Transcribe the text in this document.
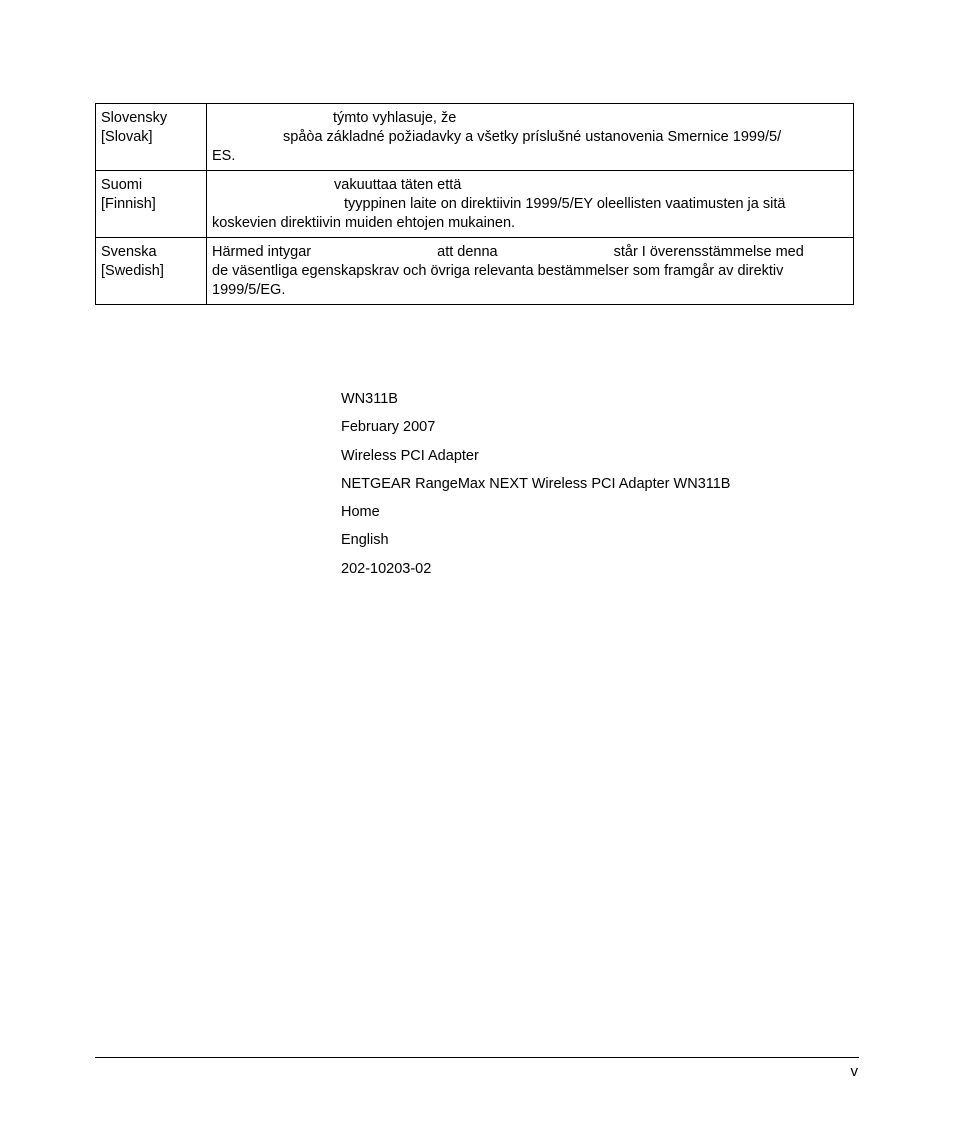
Slovensky
[Slovak]	týmto vyhlasuje, že
spåòa základné požiadavky a všetky príslušné ustanovenia Smernice 1999/5/
ES.

Suomi
[Finnish]	vakuuttaa täten että
tyyppinen laite on direktiivin 1999/5/EY oleellisten vaatimusten ja sitä
koskevien direktiivin muiden ehtojen mukainen.

Svenska
[Swedish]	Härmed intygar att denna står I överensstämmelse med
de väsentliga egenskapskrav och övriga relevanta bestämmelser som framgår av direktiv
1999/5/EG.
WN311B
February 2007
Wireless PCI Adapter
NETGEAR RangeMax NEXT Wireless PCI Adapter WN311B
Home
English
202-10203-02
v
